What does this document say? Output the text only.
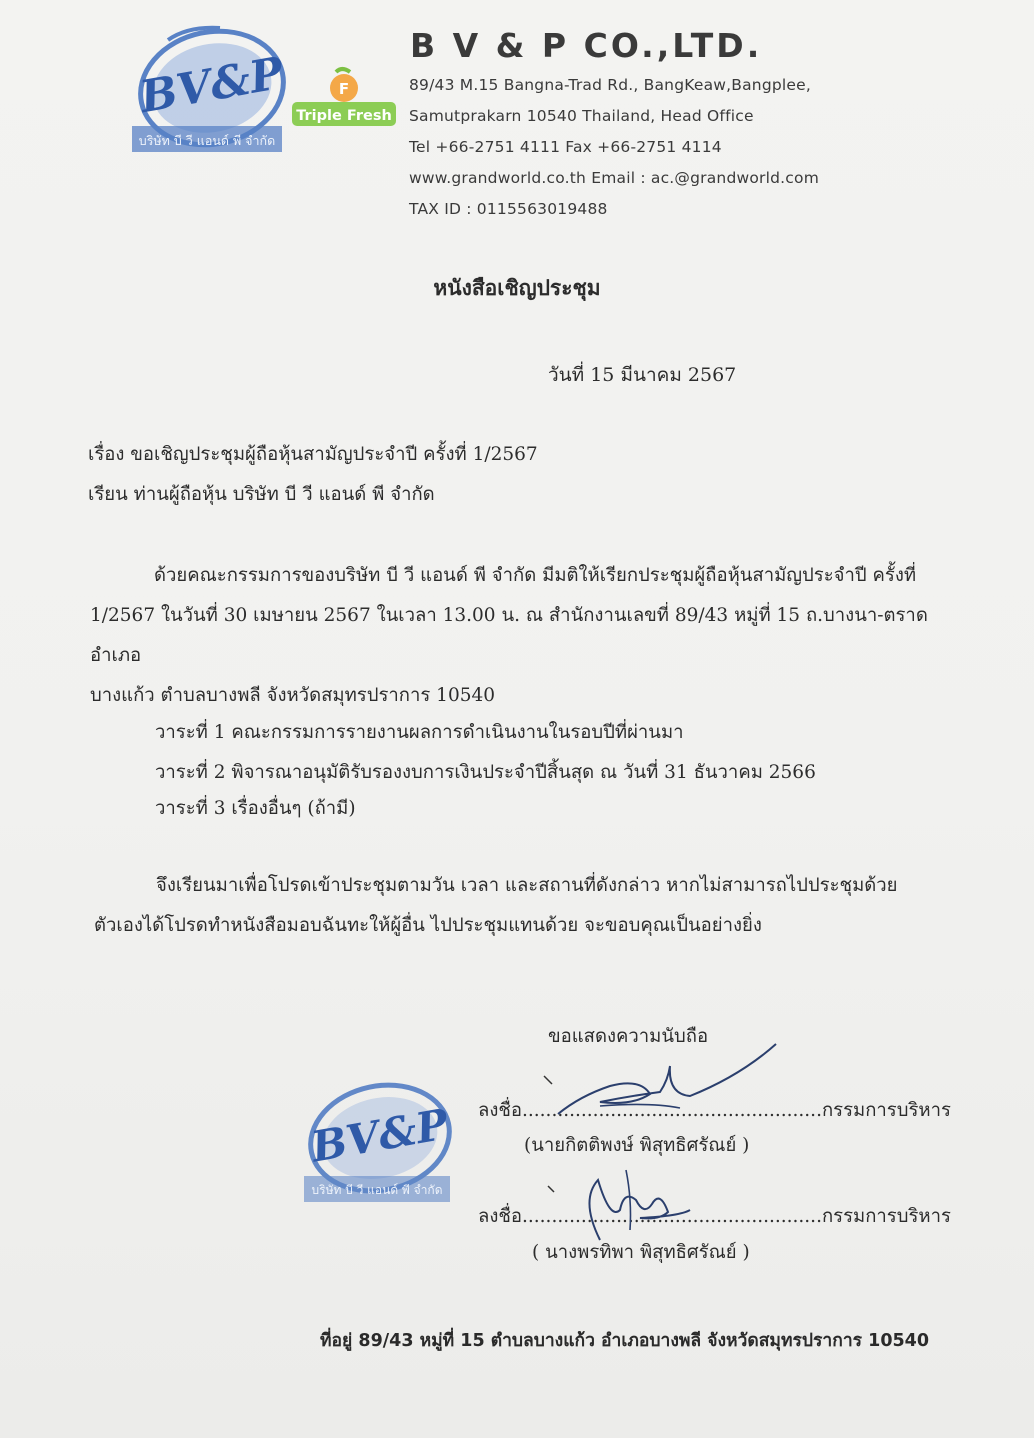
BV&P
บริษัท บี วี แอนด์ พี จำกัด
F
Triple Fresh
B V & P CO.,LTD.
89/43 M.15 Bangna-Trad Rd., BangKeaw,Bangplee,
Samutprakarn 10540 Thailand, Head Office
Tel +66-2751 4111 Fax +66-2751 4114
www.grandworld.co.th Email : ac.@grandworld.com
TAX ID : 0115563019488
หนังสือเชิญประชุม
วันที่ 15 มีนาคม 2567
เรื่อง ขอเชิญประชุมผู้ถือหุ้นสามัญประจำปี ครั้งที่ 1/2567
เรียน ท่านผู้ถือหุ้น บริษัท บี วี แอนด์ พี จำกัด

ด้วยคณะกรรมการของบริษัท บี วี แอนด์ พี จำกัด มีมติให้เรียกประชุมผู้ถือหุ้นสามัญประจำปี ครั้งที่

1/2567 ในวันที่ 30 เมษายน 2567 ในเวลา 13.00 น. ณ สำนักงานเลขที่ 89/43 หมู่ที่ 15 ถ.บางนา-ตราด อำเภอ

บางแก้ว ตำบลบางพลี จังหวัดสมุทรปราการ 10540

วาระที่ 1 คณะกรรมการรายงานผลการดำเนินงานในรอบปีที่ผ่านมา
วาระที่ 2 พิจารณาอนุมัติรับรองงบการเงินประจำปีสิ้นสุด ณ วันที่ 31 ธันวาคม 2566
วาระที่ 3 เรื่องอื่นๆ (ถ้ามี)

จึงเรียนมาเพื่อโปรดเข้าประชุมตามวัน เวลา และสถานที่ดังกล่าว หากไม่สามารถไปประชุมด้วย

ตัวเองได้โปรดทำหนังสือมอบฉันทะให้ผู้อื่น ไปประชุมแทนด้วย จะขอบคุณเป็นอย่างยิ่ง

ขอแสดงความนับถือ
BV&P
บริษัท บี วี แอนด์ พี จำกัด
ลงชื่อ...................................................กรรมการบริหาร
(นายกิตติพงษ์ พิสุทธิศรัณย์ )
ลงชื่อ...................................................กรรมการบริหาร
( นางพรทิพา พิสุทธิศรัณย์ )
ที่อยู่ 89/43 หมู่ที่ 15 ตำบลบางแก้ว อำเภอบางพลี จังหวัดสมุทรปราการ 10540
